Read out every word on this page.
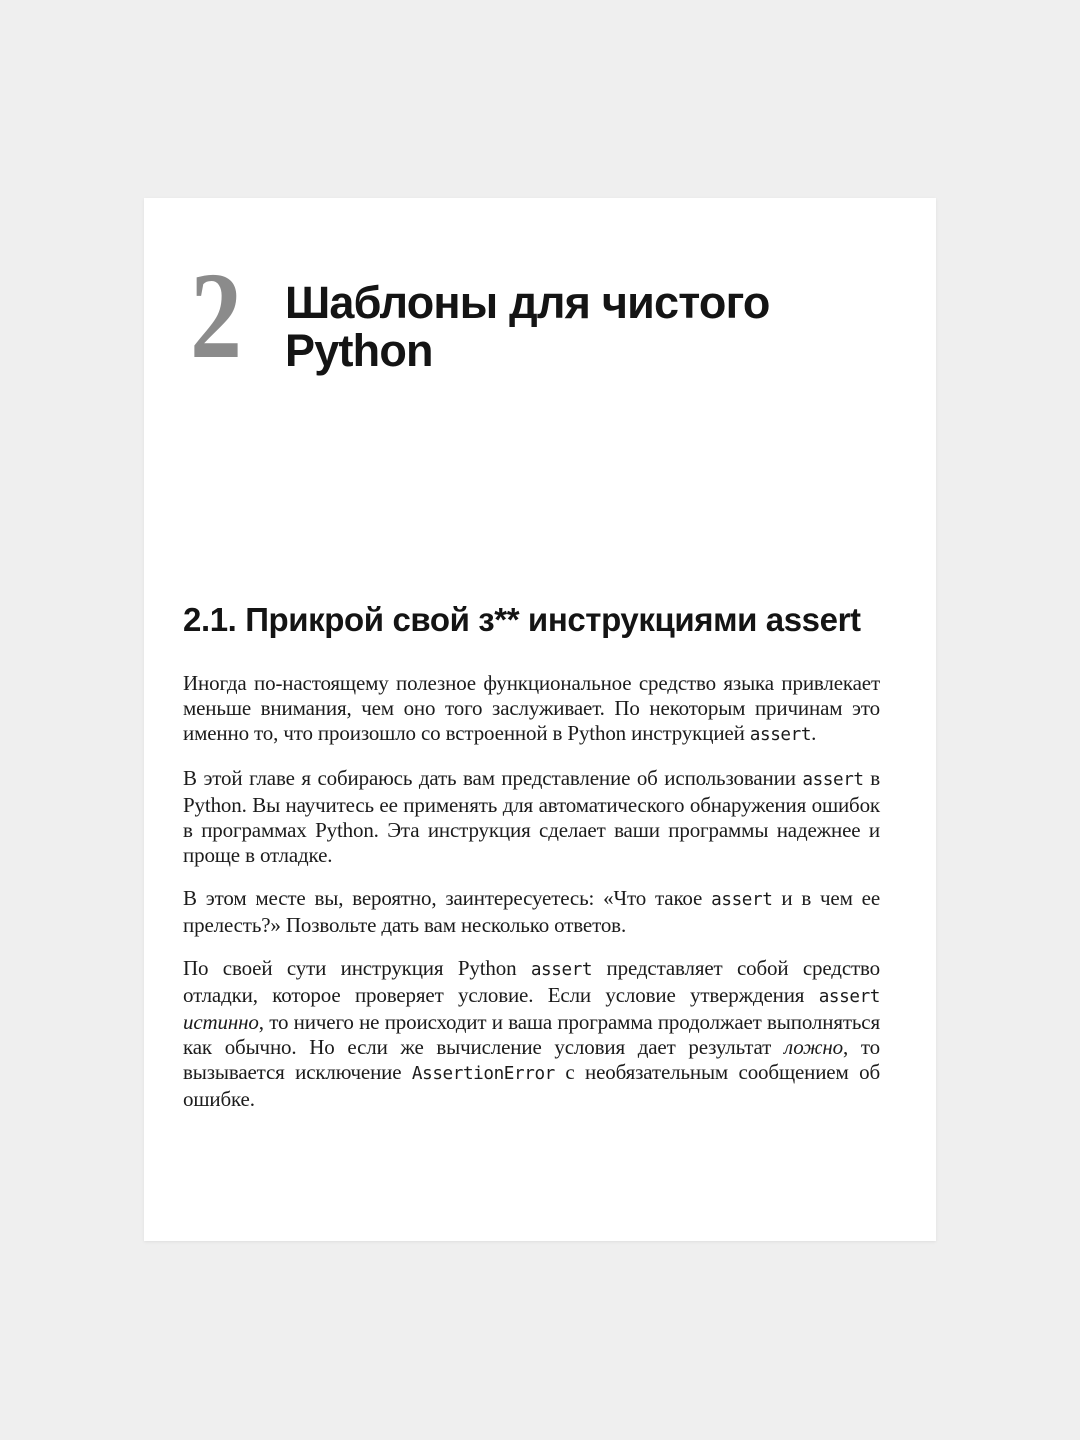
2 Шаблоны для чистого
Python
2.1. Прикрой свой з** инструкциями assert

Иногда по-настоящему полезное функциональное средство языка привлекает меньше внимания, чем оно того заслуживает. По некоторым причинам это именно то, что произошло со встроенной в Python инструкцией assert.

В этой главе я собираюсь дать вам представление об использовании assert в Python. Вы научитесь ее применять для автоматического обнаружения ошибок в программах Python. Эта инструкция сделает ваши программы надежнее и проще в отладке.

В этом месте вы, вероятно, заинтересуетесь: «Что такое assert и в чем ее прелесть?» Позвольте дать вам несколько ответов.

По своей сути инструкция Python assert представляет собой средство отладки, которое проверяет условие. Если условие утверждения assert истинно, то ничего не происходит и ваша программа продолжает выполняться как обычно. Но если же вычисление условия дает результат ложно, то вызывается исключение AssertionError с необязательным сообщением об ошибке.
